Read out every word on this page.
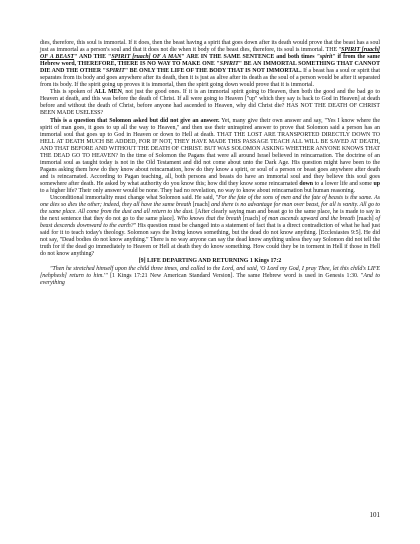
dies, therefore, this soul is immortal. If it does, then the beast having a spirit that goes down after its death would prove that the beast has a soul just as immortal as a person's soul and that it does not die when it body of the beast dies, therefore, its soul is immortal. THE "SPIRIT [ruach] OF A BEAST" AND THE "SPIRIT [ruach] OF A MAN" ARE IN THE SAME SENTENCE and both times "spirit" if from the same Hebrew word, THEREFORE, THERE IS NO WAY TO MAKE ONE "SPIRIT" BE AN IMMORTAL SOMETHING THAT CANNOT DIE AND THE OTHER "SPIRIT" BE ONLY THE LIFE OF THE BODY THAT IS NOT IMMORTAL. If a beast has a soul or spirit that separates from its body and goes anywhere after its death, then it is just as alive after its death as the soul of a person would be after it separated from its body. If the spirit going up proves it is immortal, then the spirit going down would prove that it is immortal.

This is spoken of ALL MEN, not just the good ones. If it is an immortal spirit going to Heaven, then both the good and the bad go to Heaven at death, and this was before the death of Christ. If all were going to Heaven ["up" which they say is back to God in Heaven] at death before and without the death of Christ, before anyone had ascended to Heaven, why did Christ die? HAS NOT THE DEATH OF CHRIST BEEN MADE USELESS?

This is a question that Solomon asked but did not give an answer. Yet, many give their own answer and say, "Yes I know where the spirit of man goes, it goes to up all the way to Heaven," and then use their uninspired answer to prove that Solomon said a person has an immortal soul that goes up to God in Heaven or down to Hell at death. THAT THE LOST ARE TRANSPORTED DIRECTLY DOWN TO HELL AT DEATH MUCH BE ADDED, FOR IF NOT, THEY HAVE MADE THIS PASSAGE TEACH ALL WILL BE SAVED AT DEATH, AND THAT BEFORE AND WITHOUT THE DEATH OF CHRIST. BUT WAS SOLOMON ASKING WHETHER ANYONE KNOWS THAT THE DEAD GO TO HEAVEN? In the time of Solomon the Pagans that were all around Israel believed in reincarnation. The doctrine of an immortal soul as taught today is not in the Old Testament and did not come about unto the Dark Age. His question might have been to the Pagans asking them how do they know about reincarnation, how do they know a spirit, or soul of a person or beast goes anywhere after death and is reincarnated. According to Pagan teaching, all, both persons and beasts do have an immortal soul and they believe this soul goes somewhere after death. He asked by what authority do you know this; how did they know some reincarnated down to a lower life and some up to a higher life? Their only answer would be none. They had no revelation, no way to know about reincarnation but human reasoning.

Unconditional immortality must change what Solomon said. He said, "For the fate of the sons of men and the fate of beasts is the same. As one dies so dies the other; indeed, they all have the same breath [ruach] and there is no advantage for man over beast, for all is vanity. All go to the same place. All come from the dust and all return to the dust. [After clearly saying man and beast go to the same place, he is made to say in the next sentence that they do not go to the same place]. Who knows that the breath [ruach] of man ascends upward and the breath [ruach] of beast descends downward to the earth?" His question must be changed into a statement of fact that is a direct contradiction of what he had just said for it to teach today's theology. Solomon says the living knows something, but the dead do not know anything. [Ecclesiastes 9:5]. He did not say, "Dead bodies do not know anything." There is no way anyone can say the dead know anything unless they say Solomon did not tell the truth for if the dead go immediately to Heaven or Hell at death they do know something. How could they be in torment in Hell if those in Hell do not know anything?

[9] LIFE DEPARTING AND RETURNING 1 Kings 17:2

"Then he stretched himself upon the child three times, and called to the Lord, and said, 'O Lord my God, I pray Thee, let this child's LIFE [nehphesh] return to him.'" [1 Kings 17:21 New American Standard Version]. The same Hebrew word is used in Genesis 1:30. "And to everything

101
